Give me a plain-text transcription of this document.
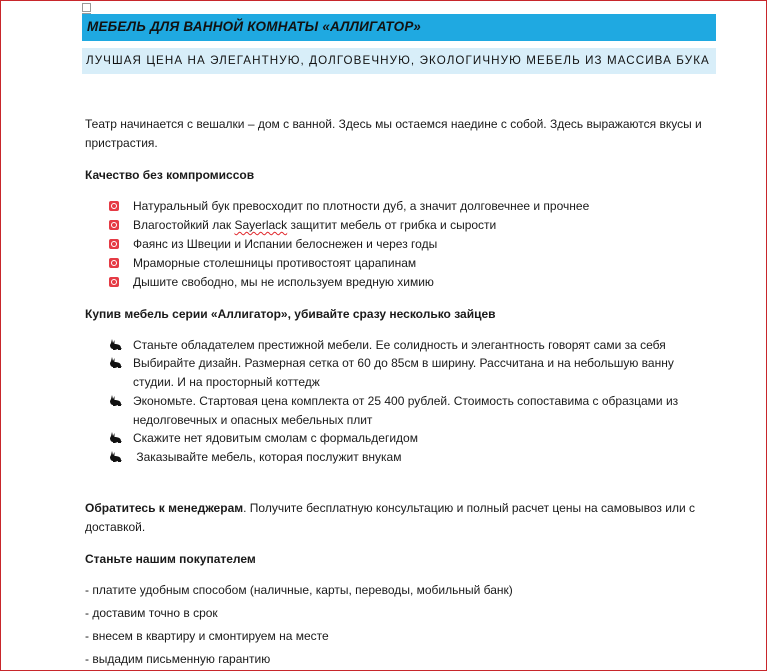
МЕБЕЛЬ ДЛЯ ВАННОЙ КОМНАТЫ «АЛЛИГАТОР»
ЛУЧШАЯ ЦЕНА НА ЭЛЕГАНТНУЮ, ДОЛГОВЕЧНУЮ, ЭКОЛОГИЧНУЮ МЕБЕЛЬ ИЗ МАССИВА БУКА
Театр начинается с вешалки – дом с ванной. Здесь мы остаемся наедине с собой. Здесь выражаются вкусы и
пристрастия.
Качество без компромиссов
Натуральный бук превосходит по плотности дуб, а значит долговечнее и прочнее
Влагостойкий лак Sayerlack защитит мебель от грибка и сырости
Фаянс из Швеции и Испании белоснежен и через годы
Мраморные столешницы противостоят царапинам
Дышите свободно, мы не используем вредную химию
Купив мебель серии «Аллигатор», убивайте сразу несколько зайцев
Станьте обладателем престижной мебели. Ее солидность и элегантность говорят сами за себя
Выбирайте дизайн. Размерная сетка от 60 до 85см в ширину. Рассчитана и на небольшую ванну
студии. И на просторный коттедж
Экономьте. Стартовая цена комплекта от 25 400 рублей. Стоимость сопоставима с образцами из
недолговечных и опасных мебельных плит
Скажите нет ядовитым смолам с формальдегидом
Заказывайте мебель, которая послужит внукам
Обратитесь к менеджерам. Получите бесплатную консультацию и полный расчет цены на самовывоз или с
доставкой.
Станьте нашим покупателем
- платите удобным способом (наличные, карты, переводы, мобильный банк)
- доставим точно в срок
- внесем в квартиру и смонтируем на месте
- выдадим письменную гарантию
